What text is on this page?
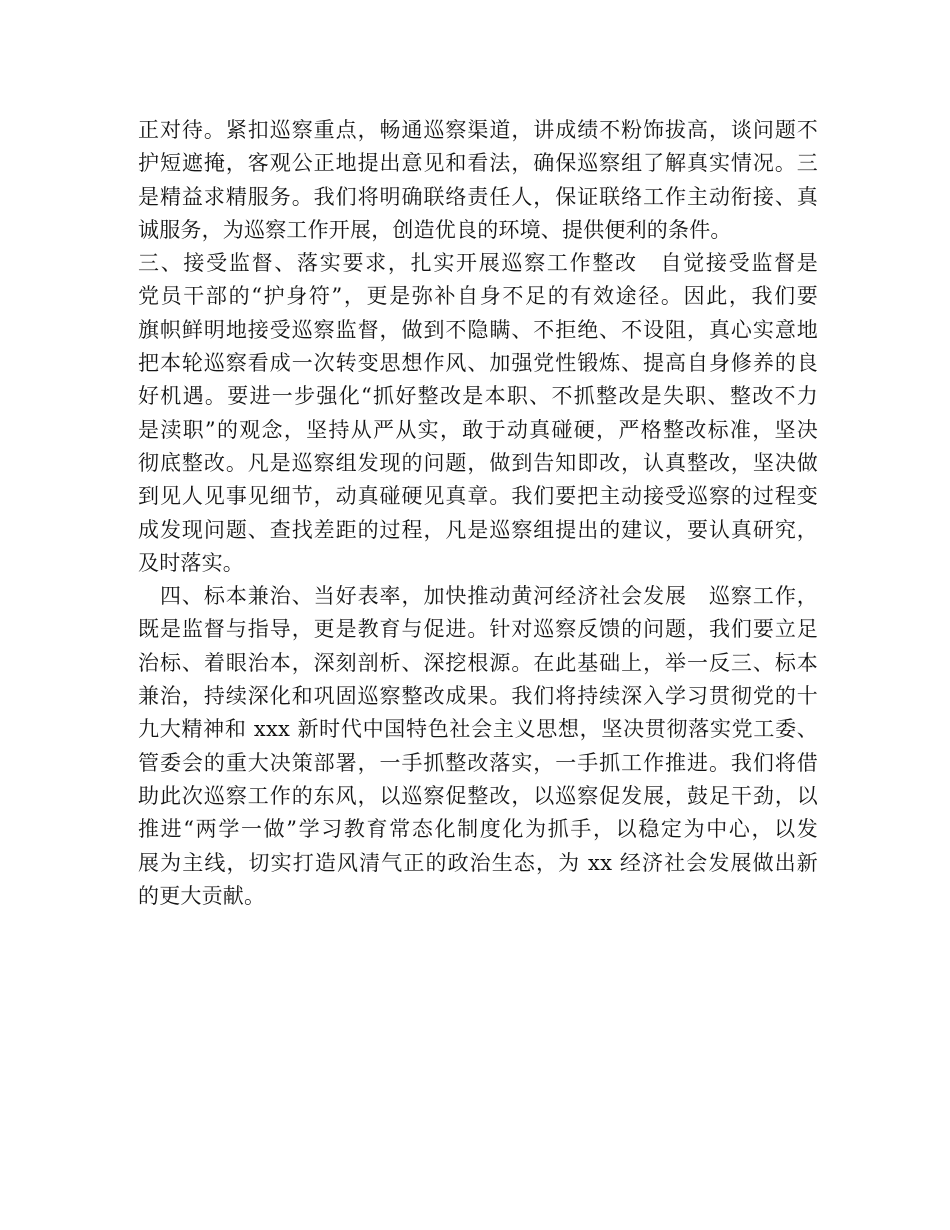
正对待。紧扣巡察重点，畅通巡察渠道，讲成绩不粉饰拔高，谈问题不
护短遮掩，客观公正地提出意见和看法，确保巡察组了解真实情况。三
是精益求精服务。我们将明确联络责任人，保证联络工作主动衔接、真
诚服务，为巡察工作开展，创造优良的环境、提供便利的条件。
三、接受监督、落实要求，扎实开展巡察工作整改　自觉接受监督是
党员干部的“护身符”，更是弥补自身不足的有效途径。因此，我们要
旗帜鲜明地接受巡察监督，做到不隐瞒、不拒绝、不设阻，真心实意地
把本轮巡察看成一次转变思想作风、加强党性锻炼、提高自身修养的良
好机遇。要进一步强化“抓好整改是本职、不抓整改是失职、整改不力
是渎职”的观念，坚持从严从实，敢于动真碰硬，严格整改标准，坚决
彻底整改。凡是巡察组发现的问题，做到告知即改，认真整改，坚决做
到见人见事见细节，动真碰硬见真章。我们要把主动接受巡察的过程变
成发现问题、查找差距的过程，凡是巡察组提出的建议，要认真研究，
及时落实。
　四、标本兼治、当好表率，加快推动黄河经济社会发展　巡察工作，
既是监督与指导，更是教育与促进。针对巡察反馈的问题，我们要立足
治标、着眼治本，深刻剖析、深挖根源。在此基础上，举一反三、标本
兼治，持续深化和巩固巡察整改成果。我们将持续深入学习贯彻党的十
九大精神和 xxx 新时代中国特色社会主义思想，坚决贯彻落实党工委、
管委会的重大决策部署，一手抓整改落实，一手抓工作推进。我们将借
助此次巡察工作的东风，以巡察促整改，以巡察促发展，鼓足干劲，以
推进“两学一做”学习教育常态化制度化为抓手，以稳定为中心，以发
展为主线，切实打造风清气正的政治生态，为 xx 经济社会发展做出新
的更大贡献。
